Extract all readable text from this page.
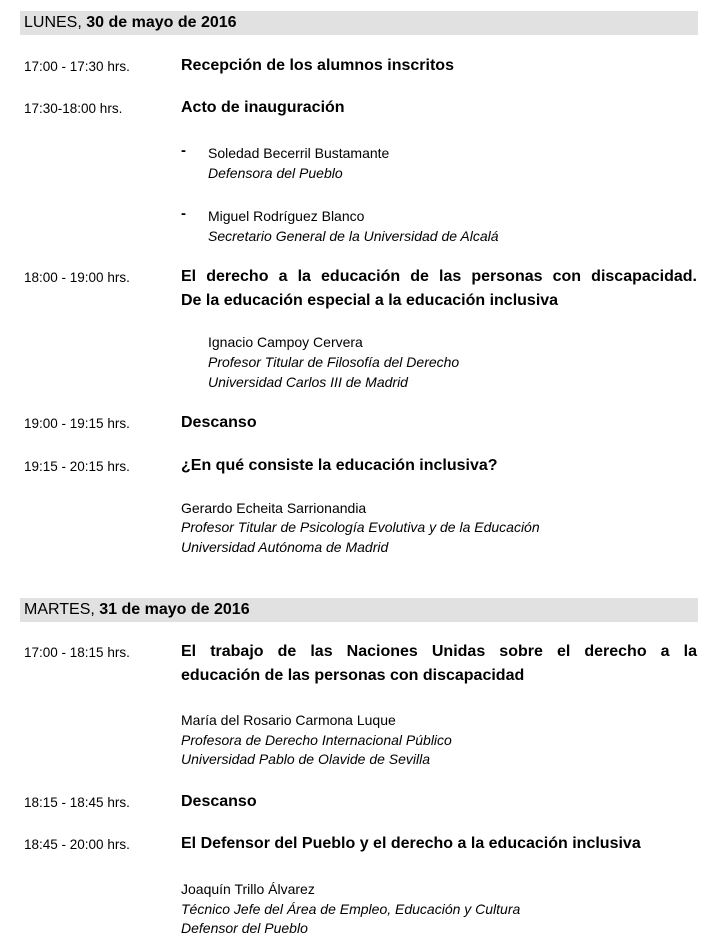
LUNES, 30 de mayo de 2016
17:00 - 17:30 hrs.	Recepción de los alumnos inscritos
17:30-18:00 hrs.	Acto de inauguración
- Soledad Becerril Bustamante
Defensora del Pueblo
- Miguel Rodríguez Blanco
Secretario General de la Universidad de Alcalá
18:00 - 19:00 hrs.	El derecho a la educación de las personas con discapacidad.
De la educación especial a la educación inclusiva
Ignacio Campoy Cervera
Profesor Titular de Filosofía del Derecho
Universidad Carlos III de Madrid
19:00 - 19:15 hrs.	Descanso
19:15 - 20:15 hrs.	¿En qué consiste la educación inclusiva?
Gerardo Echeita Sarrionandia
Profesor Titular de Psicología Evolutiva y de la Educación
Universidad Autónoma de Madrid
MARTES, 31 de mayo de 2016
17:00 - 18:15 hrs.	El trabajo de las Naciones Unidas sobre el derecho a la
educación de las personas con discapacidad
María del Rosario Carmona Luque
Profesora de Derecho Internacional Público
Universidad Pablo de Olavide de Sevilla
18:15 - 18:45 hrs.	Descanso
18:45 - 20:00 hrs.	El Defensor del Pueblo y el derecho a la educación inclusiva
Joaquín Trillo Álvarez
Técnico Jefe del Área de Empleo, Educación y Cultura
Defensor del Pueblo
